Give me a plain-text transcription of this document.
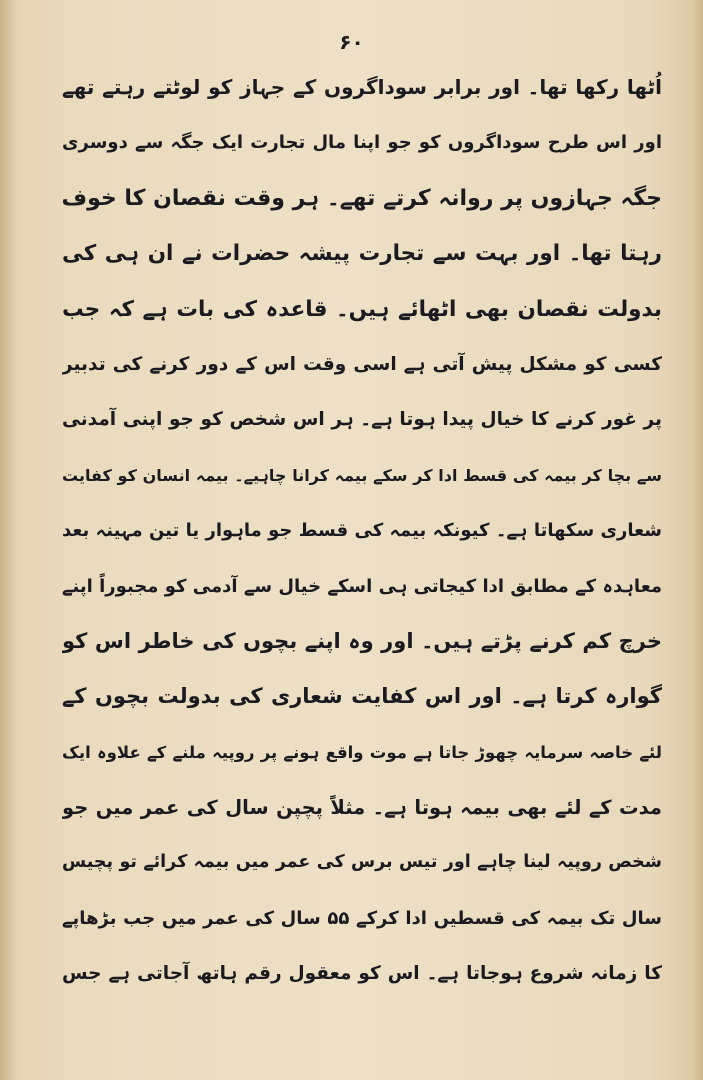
۶۰
اُٹھا رکھا تھا۔ اور برابر سوداگروں کے جہاز کو لوٹتے رہتے تھے
اور اس طرح سوداگروں کو جو اپنا مال تجارت ایک جگہ سے دوسری
جگہ جہازوں پر روانہ کرتے تھے۔ ہر وقت نقصان کا خوف
رہتا تھا۔ اور بہت سے تجارت پیشہ حضرات نے ان ہی کی
بدولت نقصان بھی اٹھائے ہیں۔ قاعدہ کی بات ہے کہ جب
کسی کو مشکل پیش آتی ہے اسی وقت اس کے دور کرنے کی تدبیر
پر غور کرنے کا خیال پیدا ہوتا ہے۔ ہر اس شخص کو جو اپنی آمدنی
سے بچا کر بیمہ کی قسط ادا کر سکے بیمہ کرانا چاہیے۔ بیمہ انسان کو کفایت
شعاری سکھاتا ہے۔ کیونکہ بیمہ کی قسط جو ماہوار یا تین مہینہ بعد
معاہدہ کے مطابق ادا کیجاتی ہی اسکے خیال سے آدمی کو مجبوراً اپنے
خرچ کم کرنے پڑتے ہیں۔ اور وہ اپنے بچوں کی خاطر اس کو
گوارہ کرتا ہے۔ اور اس کفایت شعاری کی بدولت بچوں کے
لئے خاصہ سرمایہ چھوڑ جاتا ہے موت واقع ہونے پر روپیہ ملنے کے علاوہ ایک
مدت کے لئے بھی بیمہ ہوتا ہے۔ مثلاً پچپن سال کی عمر میں جو
شخص روپیہ لینا چاہے اور تیس برس کی عمر میں بیمہ کرائے تو پچیس
سال تک بیمہ کی قسطیں ادا کرکے ۵۵ سال کی عمر میں جب بڑھاپے
کا زمانہ شروع ہوجاتا ہے۔ اس کو معقول رقم ہاتھ آجاتی ہے جس
